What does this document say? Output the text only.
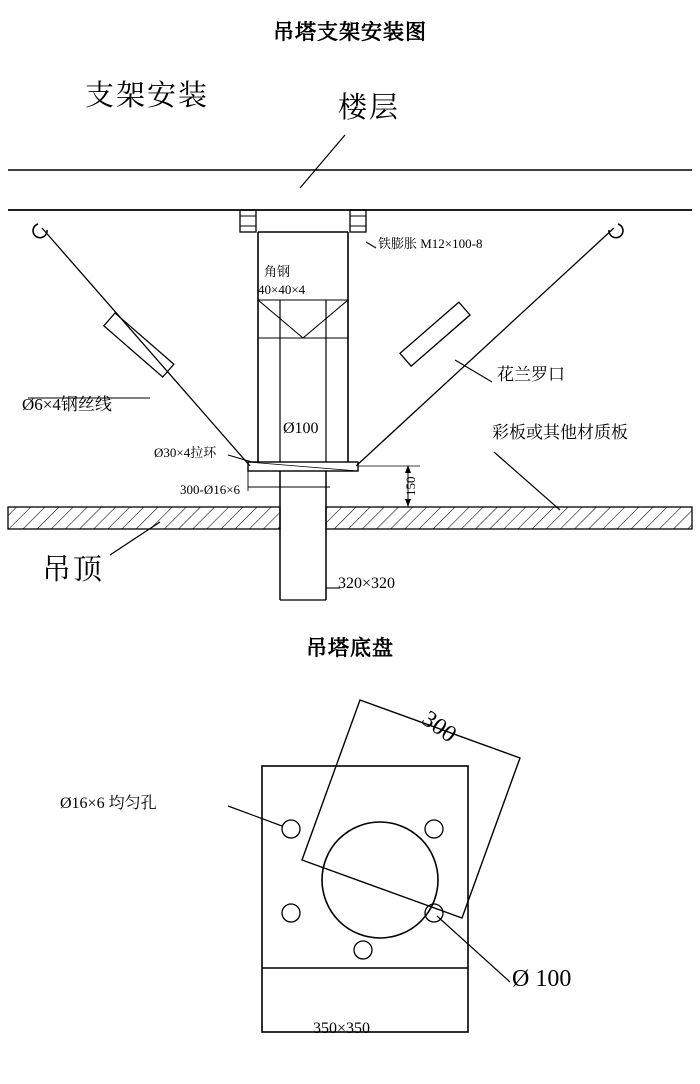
吊塔支架安装图
支架安装	楼层
铁膨胀 M12×100-8
角钢
40×40×4
Ø6×4钢丝线
花兰罗口
彩板或其他材质板
Ø30×4拉环
Ø100
150
300-Ø16×6
吊顶	320×320
吊塔底盘
300
Ø16×6 均匀孔
Ø 100
350×350
